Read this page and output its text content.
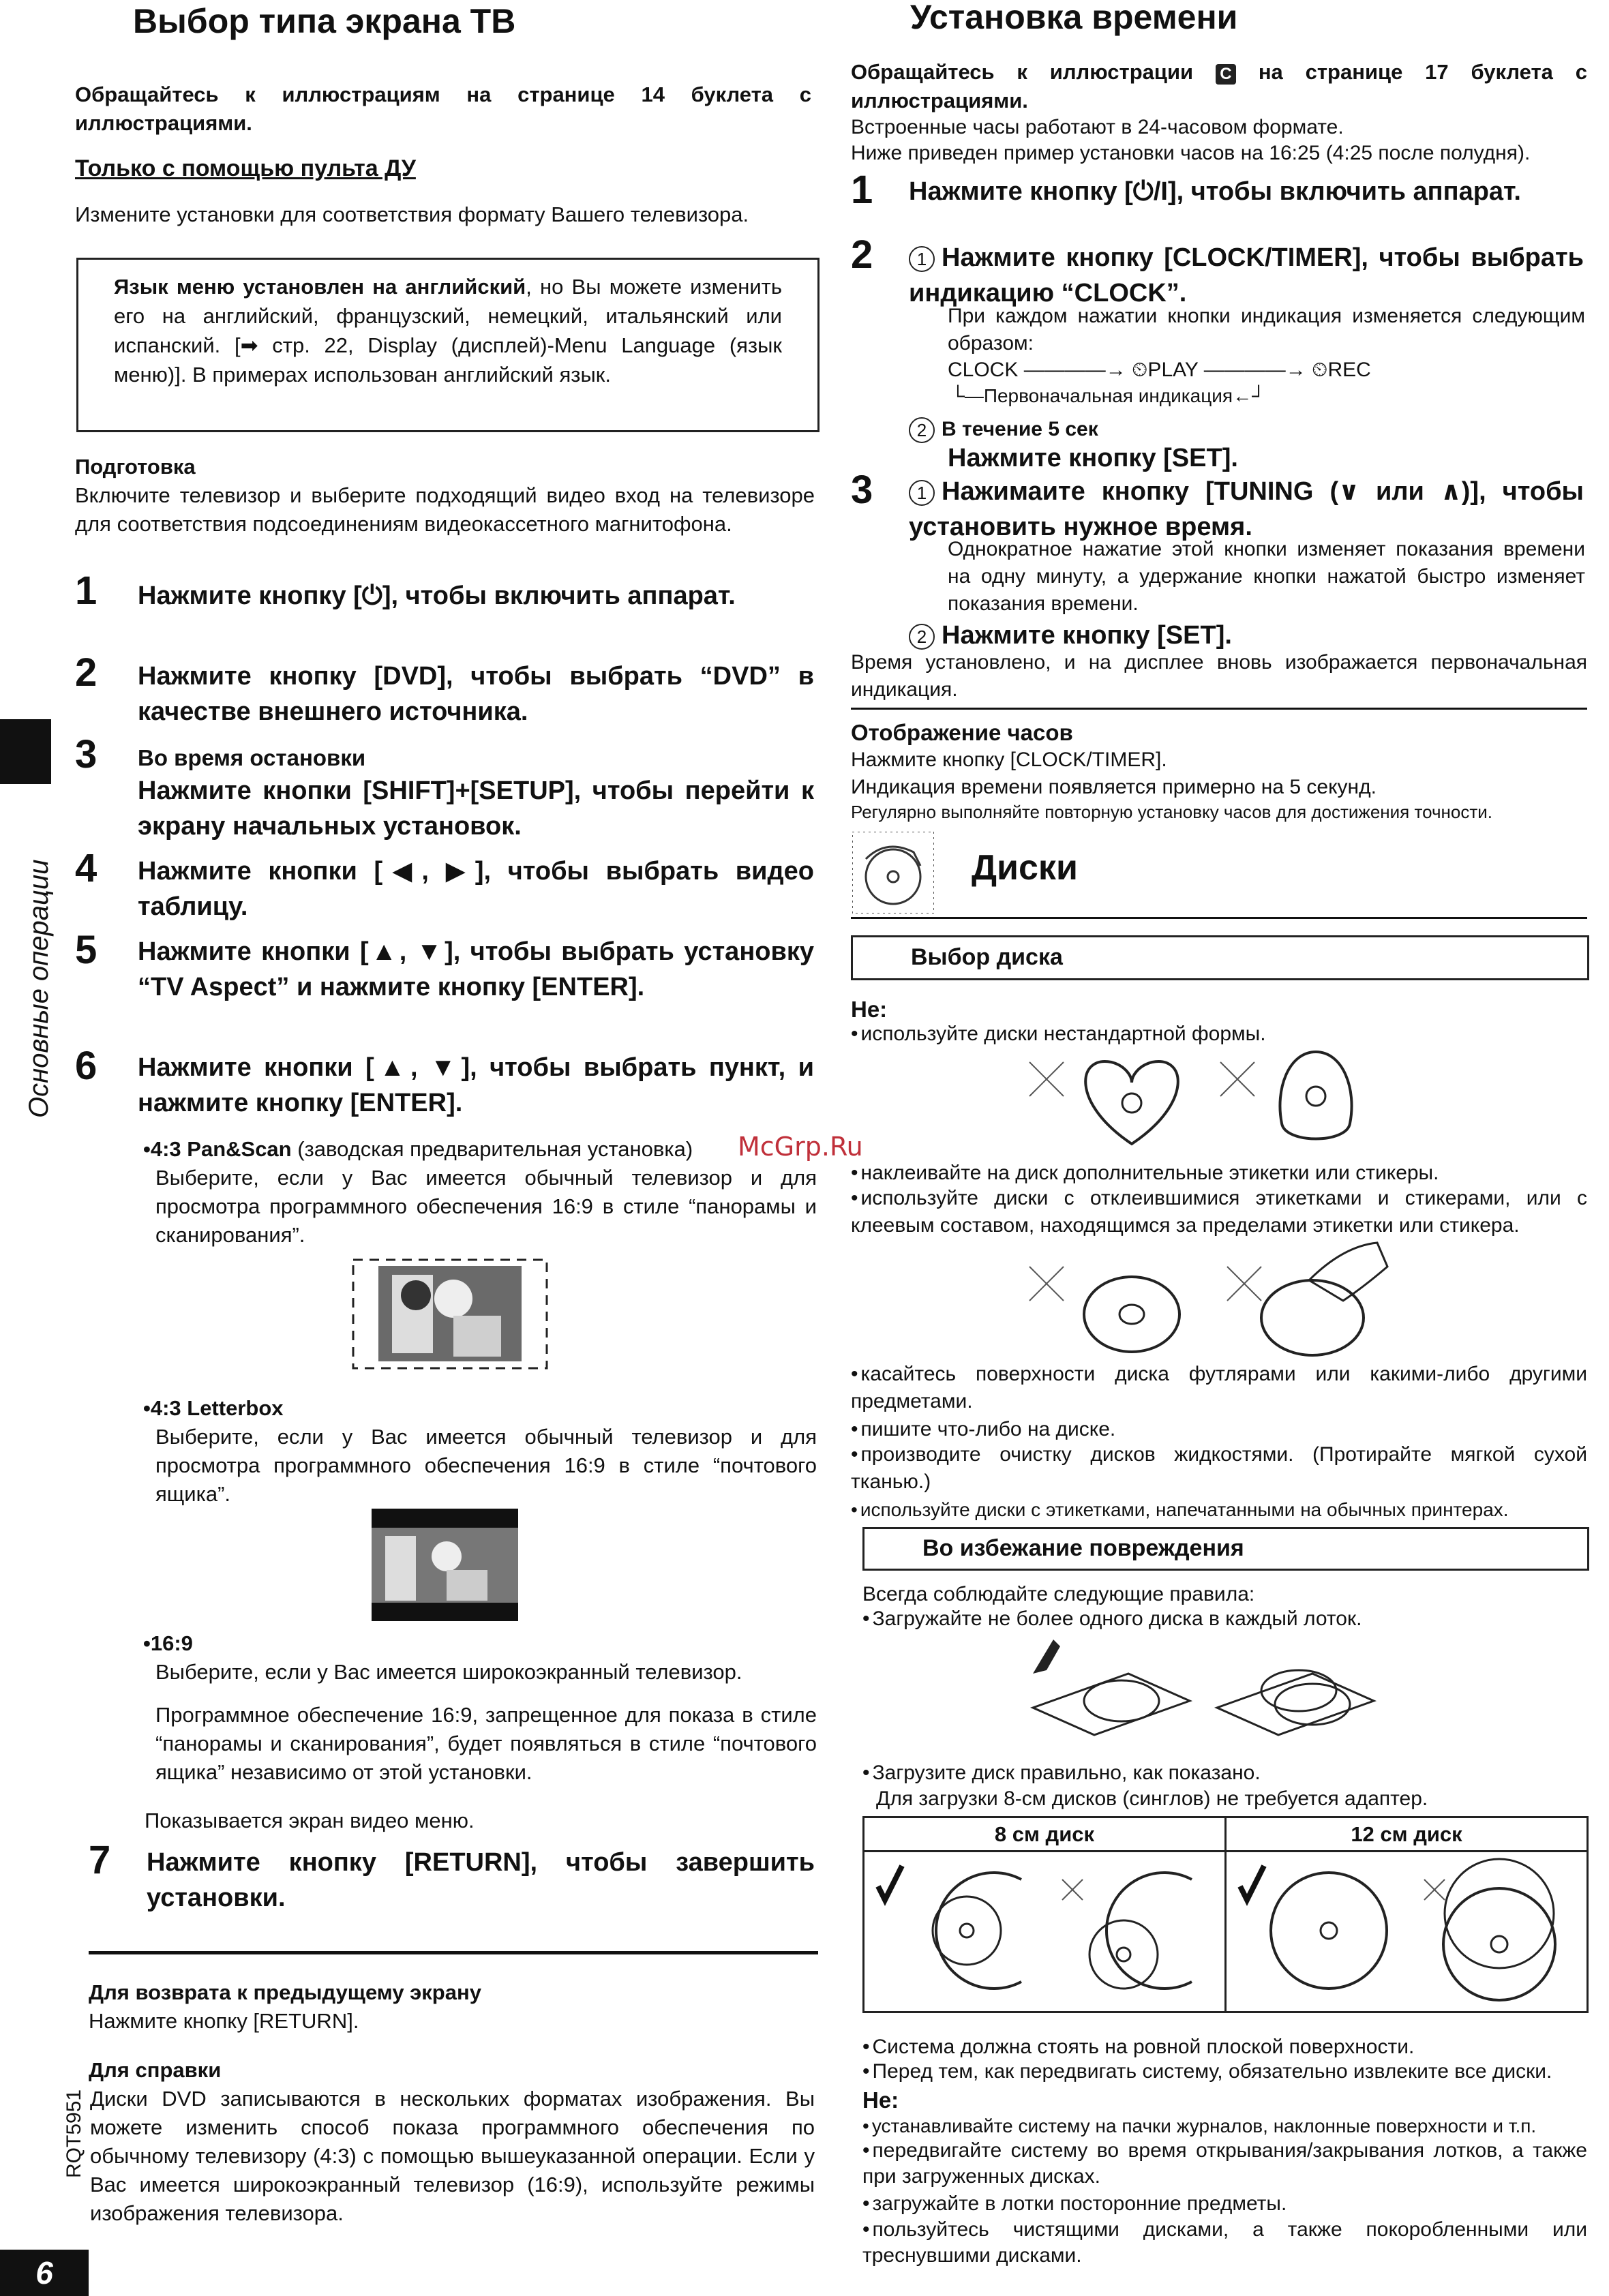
Основные операции
Выбор типа экрана ТВ

Обращайтесь к иллюстрациям на странице 14 буклета с иллюстрациями.

Только с помощью пульта ДУ

Измените установки для соответствия формату Вашего телевизора.

Язык меню установлен на английский, но Вы можете изменить его на английский, французский, немецкий, итальянский или испанский. [➡ стр. 22, Display (дисплей)-Menu Language (язык меню)]. В примерах использован английский язык.

Подготовка

Включите телевизор и выберите подходящий видео вход на телевизоре для соответствия подсоединениям видеокассетного магнитофона.

1 Нажмите кнопку [⏻], чтобы включить аппарат.
2 Нажмите кнопку [DVD], чтобы выбрать “DVD” в качестве внешнего источника.
3 Во время остановки
Нажмите кнопки [SHIFT]+[SETUP], чтобы перейти к экрану начальных установок.
4 Нажмите кнопки [◀, ▶], чтобы выбрать видео таблицу.
5 Нажмите кнопки [▲, ▼], чтобы выбрать установку “TV Aspect” и нажмите кнопку [ENTER].
6 Нажмите кнопки [▲, ▼], чтобы выбрать пункт, и нажмите кнопку [ENTER].

•4:3 Pan&Scan (заводская предварительная установка)

Выберите, если у Вас имеется обычный телевизор и для просмотра программного обеспечения 16:9 в стиле “панорамы и сканирования”.

•4:3 Letterbox

Выберите, если у Вас имеется обычный телевизор и для просмотра программного обеспечения 16:9 в стиле “почтового ящика”.

•16:9

Выберите, если у Вас имеется широкоэкранный телевизор.

Программное обеспечение 16:9, запрещенное для показа в стиле “панорамы и сканирования”, будет появляться в стиле “почтового ящика” независимо от этой установки.

Показывается экран видео меню.

7 Нажмите кнопку [RETURN], чтобы завершить установки.

Для возврата к предыдущему экрану

Нажмите кнопку [RETURN].

Для справки

Диски DVD записываются в нескольких форматах изображения. Вы можете изменить способ показа программного обеспечения по обычному телевизору (4:3) с помощью вышеуказанной операции. Если у Вас имеется широкоэкранный телевизор (16:9), используйте режимы изображения телевизора.

RQT5951
6
McGrp.Ru
Установка времени

Обращайтесь к иллюстрации C на странице 17 буклета с иллюстрациями.

Встроенные часы работают в 24-часовом формате.

Ниже приведен пример установки часов на 16:25 (4:25 после полудня).

1 Нажмите кнопку [⏻/I], чтобы включить аппарат.
2	1 Нажмите кнопку [CLOCK/TIMER], чтобы выбрать индикацию “CLOCK”.

При каждом нажатии кнопки индикация изменяется следующим образом:

CLOCK ————→ ⏲PLAY ————→ ⏲REC

└—Первоначальная индикация←┘

2 В течение 5 сек
Нажмите кнопку [SET].
3	1 Нажимаите кнопку [TUNING (∨ или ∧)], чтобы установить нужное время.

Однократное нажатие этой кнопки изменяет показания времени на одну минуту, а удержание кнопки нажатой быстро изменяет показания времени.

2 Нажмите кнопку [SET].

Время установлено, и на дисплее вновь изображается первоначальная индикация.

Отображение часов

Нажмите кнопку [CLOCK/TIMER].

Индикация времени появляется примерно на 5 секунд.

Регулярно выполняйте повторную установку часов для достижения точности.

Диски
Выбор диска

Не:

• используйте диски нестандартной формы.

• наклеивайте на диск дополнительные этикетки или стикеры.

• используйте диски с отклеившимися этикетками и стикерами, или с клеевым составом, находящимся за пределами этикетки или стикера.

• касайтесь поверхности диска футлярами или какими-либо другими предметами.

• пишите что-либо на диске.

• производите очистку дисков жидкостями. (Протирайте мягкой сухой тканью.)

• используйте диски с этикетками, напечатанными на обычных принтерах.

Во избежание повреждения

Всегда соблюдайте следующие правила:

• Загружайте не более одного диска в каждый лоток.

• Загрузите диск правильно, как показано.

Для загрузки 8-см дисков (синглов) не требуется адаптер.

8 см диск	12 см диск

• Система должна стоять на ровной плоской поверхности.

• Перед тем, как передвигать систему, обязательно извлеките все диски.

Не:

• устанавливайте систему на пачки журналов, наклонные поверхности и т.п.

• передвигайте систему во время открывания/закрывания лотков, а также при загруженных дисках.

• загружайте в лотки посторонние предметы.

• пользуйтесь чистящими дисками, а также покоробленными или треснувшими дисками.
